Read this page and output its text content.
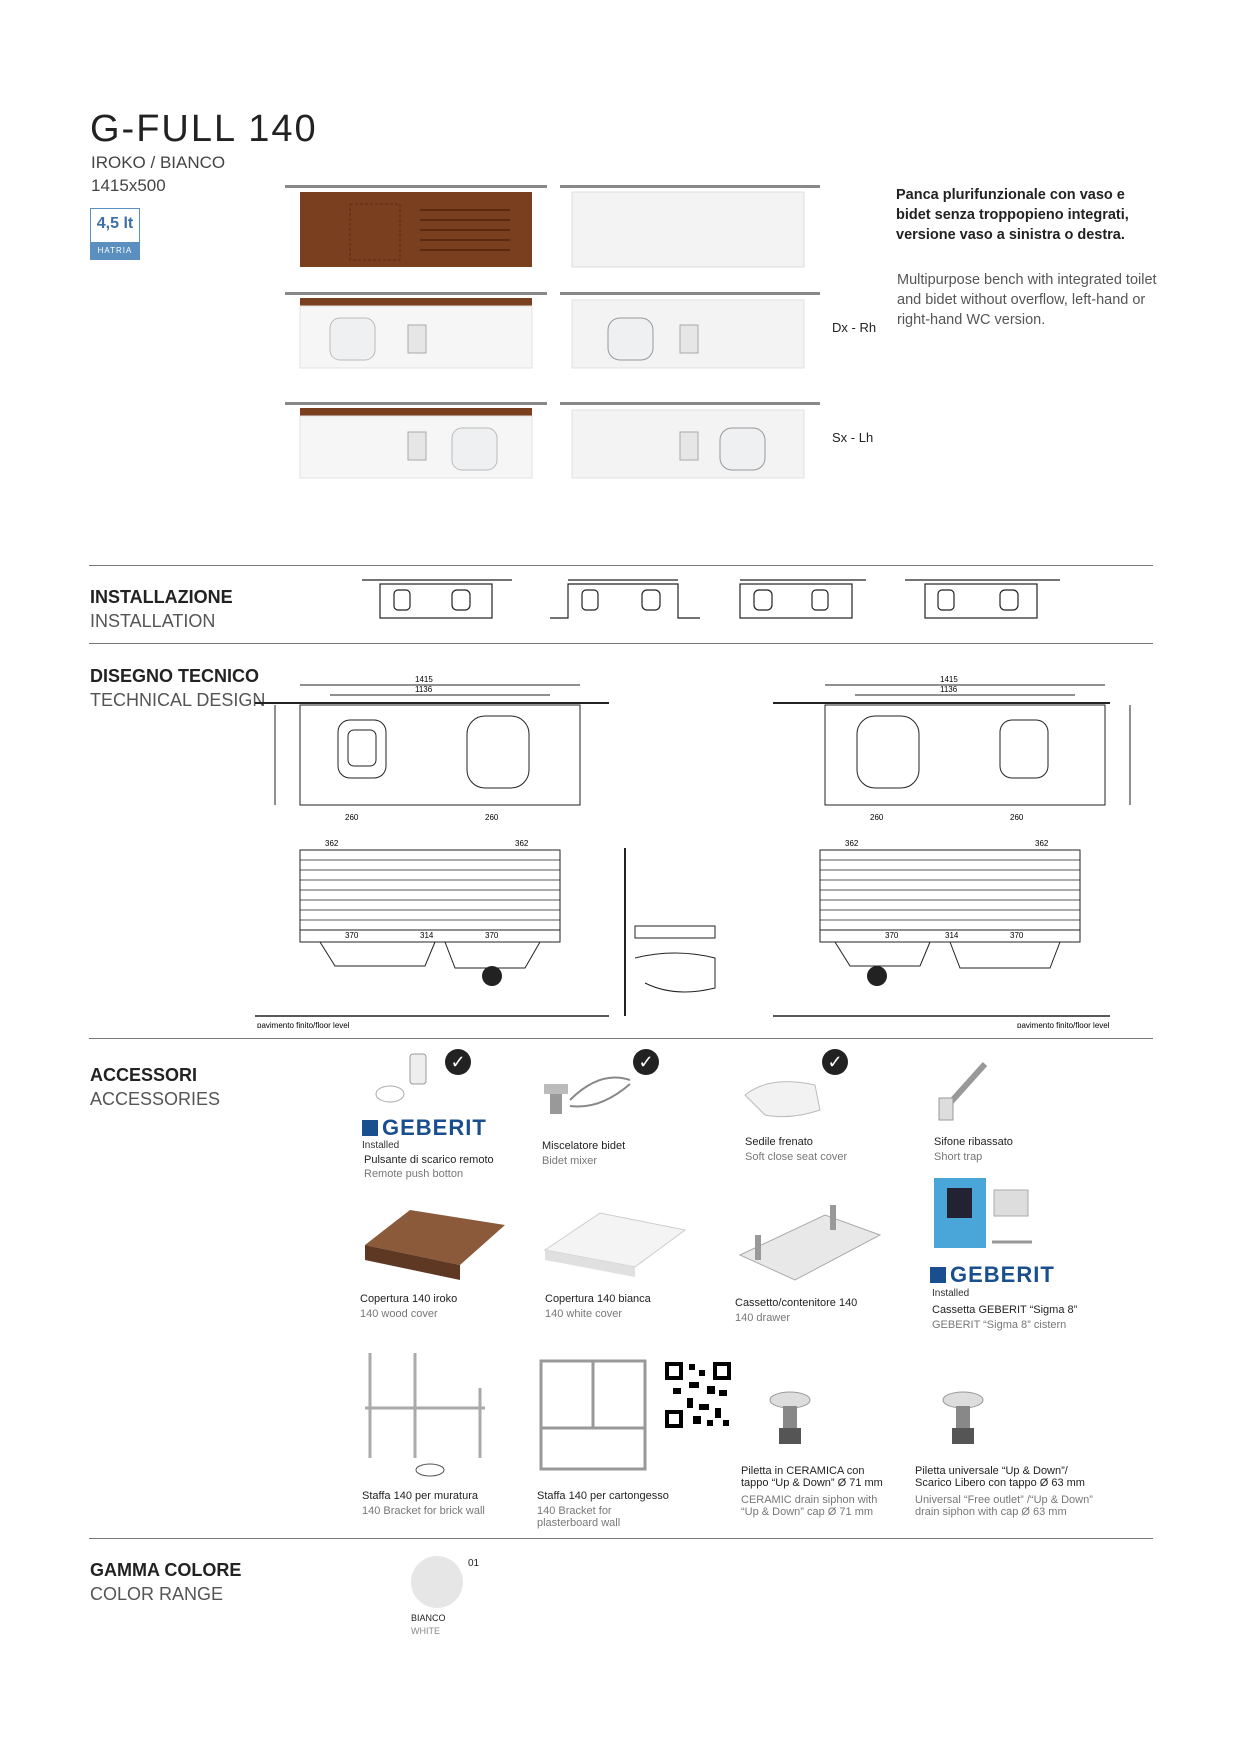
G-FULL 140
IROKO / BIANCO
1415x500
4,5 lt
HATRIA
Dx - Rh
Sx - Lh
Panca plurifunzionale con vaso e bidet senza troppopieno integrati, versione vaso a sinistra o destra.
Multipurpose bench with integrated toilet and bidet without overflow, left-hand or right-hand WC version.
INSTALLAZIONE
INSTALLATION
DISEGNO TECNICO
TECHNICAL DESIGN
1415
1136
1415
1136
260	260	260	260
362	362	362	362
370	314	370	370	314	370
pavimento finito/floor level	pavimento finito/floor level
ACCESSORI
ACCESSORIES
✓
GEBERIT
Installed
Pulsante di scarico remoto
Remote push botton
✓
Miscelatore bidet
Bidet mixer
✓
Sedile frenato
Soft close seat cover
Sifone ribassato
Short trap
Copertura 140 iroko
140 wood cover
Copertura 140 bianca
140 white cover
Cassetto/contenitore 140
140 drawer
GEBERIT
Installed
Cassetta GEBERIT “Sigma 8”
GEBERIT “Sigma 8” cistern
Staffa 140 per muratura
140 Bracket for brick wall
Staffa 140 per cartongesso
140 Bracket for plasterboard wall
Piletta in CERAMICA con tappo “Up & Down” Ø 71 mm
CERAMIC drain siphon with “Up & Down” cap Ø 71 mm
Piletta universale “Up & Down”/ Scarico Libero con tappo Ø 63 mm
Universal “Free outlet” /“Up & Down” drain siphon with cap Ø 63 mm
GAMMA COLORE
COLOR RANGE
01
BIANCO
WHITE
